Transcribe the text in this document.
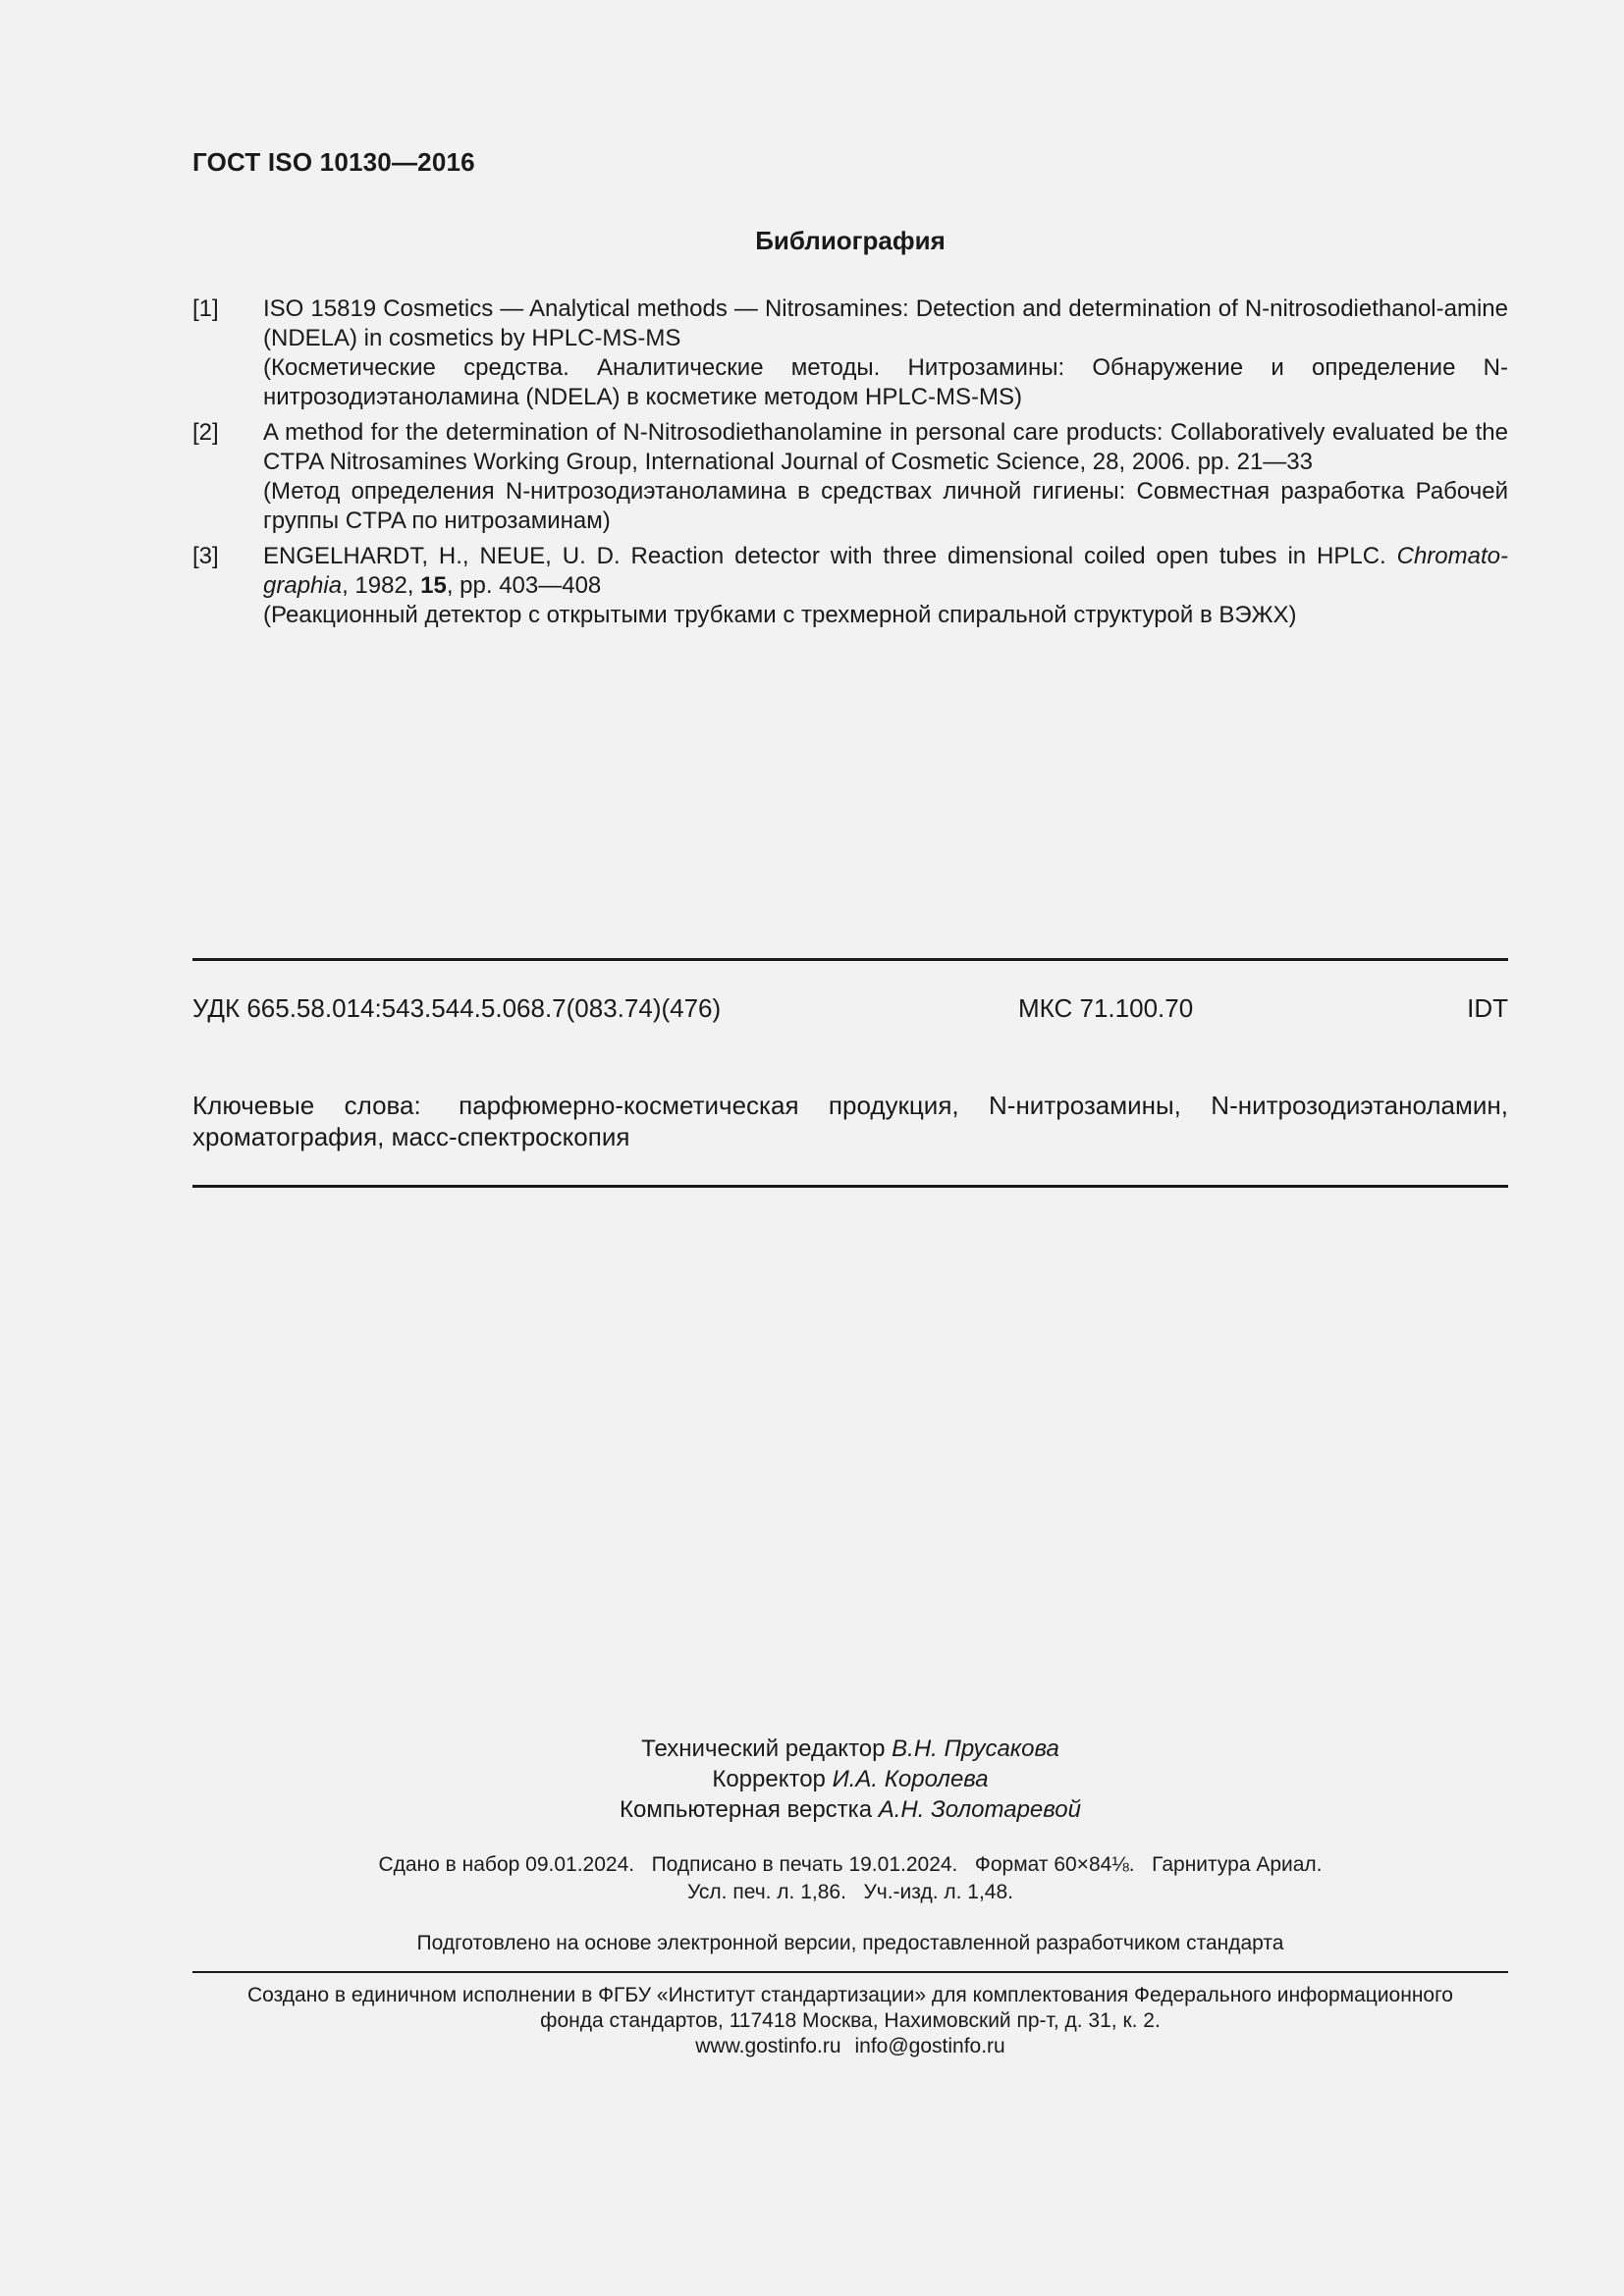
ГОСТ ISO 10130—2016
Библиография
[1]	ISO 15819 Cosmetics — Analytical methods — Nitrosamines: Detection and determination of N-nitrosodiethanol-amine (NDELA) in cosmetics by HPLC-MS-MS

(Косметические средства. Аналитические методы. Нитрозамины: Обнаружение и определение N-нитрозодиэтаноламина (NDELA) в косметике методом HPLC-MS-MS)

[2]	A method for the determination of N-Nitrosodiethanolamine in personal care products: Collaboratively evaluated be the CTPA Nitrosamines Working Group, International Journal of Cosmetic Science, 28, 2006. pp. 21—33

(Метод определения N-нитрозодиэтаноламина в средствах личной гигиены: Совместная разработка Рабочей группы CTPA по нитрозаминам)

[3]	ENGELHARDT, H., NEUE, U. D. Reaction detector with three dimensional coiled open tubes in HPLC. Chromato-graphia, 1982, 15, pp. 403—408

(Реакционный детектор с открытыми трубками с трехмерной спиральной структурой в ВЭЖХ)

УДК 665.58.014:543.544.5.068.7(083.74)(476)	МКС 71.100.70	IDT
Ключевые слова: парфюмерно-косметическая продукция, N-нитрозамины, N-нитрозодиэтаноламин, хроматография, масс-спектроскопия
Технический редактор В.Н. Прусакова
Корректор И.А. Королева
Компьютерная верстка А.Н. Золотаревой
Сдано в набор 09.01.2024.   Подписано в печать 19.01.2024.   Формат 60×84⅛.   Гарнитура Ариал.
Усл. печ. л. 1,86.   Уч.-изд. л. 1,48.
Подготовлено на основе электронной версии, предоставленной разработчиком стандарта
Создано в единичном исполнении в ФГБУ «Институт стандартизации» для комплектования Федерального информационного
фонда стандартов, 117418 Москва, Нахимовский пр-т, д. 31, к. 2.
www.gostinfo.ru info@gostinfo.ru
